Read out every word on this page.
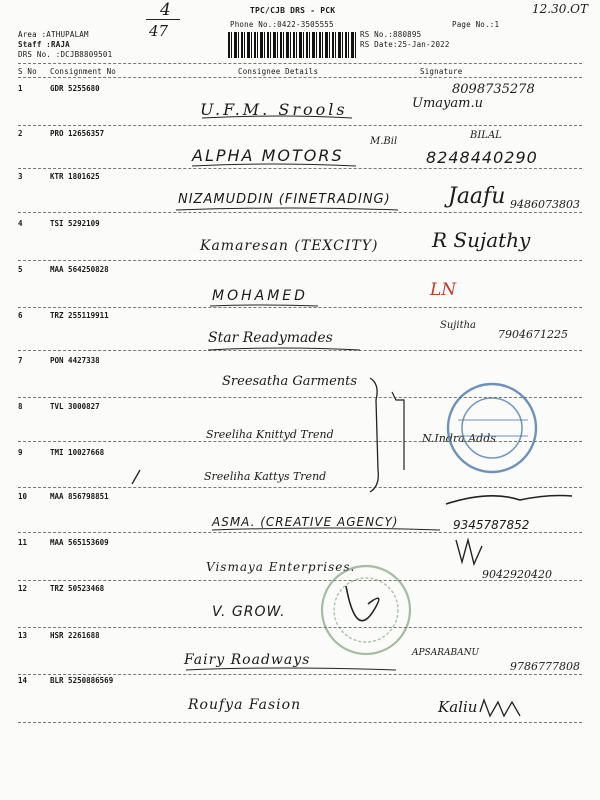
4
47
12.30.OT
TPC/CJB DRS - PCK
Phone No.:0422-3505555	Page No.:1
Area :ATHUPALAM
Staff :RAJA
DRS No. :DCJB8809501
RS No.:880895
RS Date:25-Jan-2022
S No Consignment No	Consignee Details	Signature
1	GDR 5255680
U.F.M. Srools	Umayam.u
8098735278
2	PRO 12656357
ALPHA MOTORS
M.Bil
BILAL
8248440290
3	KTR 1801625
NIZAMUDDIN (FINETRADING)	Jaafu 9486073803
4	TSI 5292109
Kamaresan (TEXCITY)	R Sujathy
5	MAA 564250828
MOHAMED	LN
6	TRZ 255119911
Star Readymades
Sujitha
7904671225
7	PON 4427338
Sreesatha Garments
8	TVL 3000827
Sreeliha Knittyd Trend	N.Indra Adds
9	TMI 10027668
Sreeliha Kattys Trend
10	MAA 856798851
ASMA. (CREATIVE AGENCY)	9345787852
11	MAA 565153609
Vismaya Enterprises.
9042920420
12	TRZ 50523468
V. GROW.
13	HSR 2261688
Fairy Roadways	APSARABANU
9786777808
14	BLR 5250886569
Roufya Fasion	Kaliu
